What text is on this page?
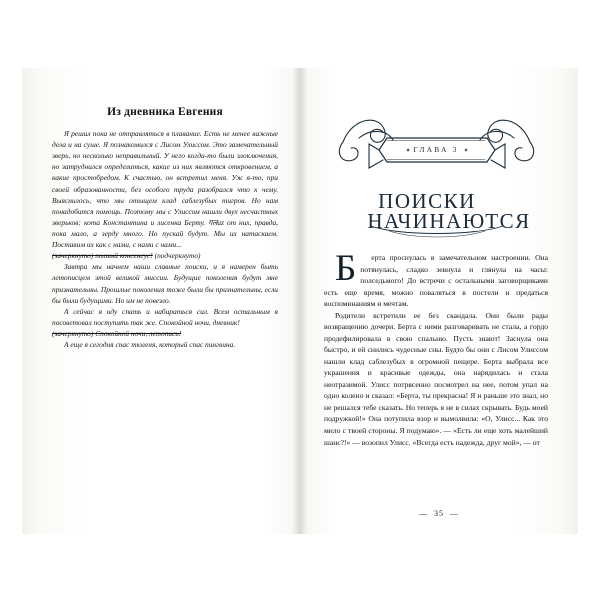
Из дневника Евгения

Я решил пока не отправляться в плавание. Есть не менее важные дела и на суше. Я познакомился с Лисом Улиссом. Это замечательный зверь, но несколько неправильный. У него когда-то были злоключения, но затруднился определиться, какие из них являются откровением, а какие простобредом. К счастью, он встретил меня. Уж я-то, при своей образованности, без особого труда разобрался что к чему. Выяснилось, что мы отыщем клад саблезубых тигров. Но нам понадобится помощь. Поэтому мы с Улиссом нашли двух несчастных зверьков: кота Константина и лисенка Берту. गलаz от них, правда, пока мало, а зерду много. Но пускай будут. Мы их натаскаем. Поставим их как с нами, с нами с нами...

(зачеркнуто) полный консенсус! (подчеркнуто)

Завтра мы начнем наши славные поиски, и я намерен быть летописцем этой великой миссии. Будущие поколения будут мне признательны. Прошлые поколения тоже были бы признательны, если бы были будущими. Но им не повезло.

А сейчас я иду спать и набираться сил. Всем остальным я посоветовал поступить так же. Спокойной ночи, дневник!

(зачеркнуто) Спокойной ночи, летопись!

А еще я сегодня спас тюленя, который спас пингвина.

ГЛАВА 3
ПОИСКИ
НАЧИНАЮТСЯ

Б	ерта проснулась в замечательном настроении. Она потянулась, сладко зевнула и глянула на часы: полседьмого! До встречи с остальными заговорщиками есть еще время, можно поваляться в постели и предаться воспоминаниям и мечтам.

Родители встретили ее без скандала. Они были рады возвращению дочери. Берта с ними разговаривать не стала, а гордо продефилировала в свою спальню. Пусть знают! Заснула она быстро, и ей снились чудесные сны. Будто бы они с Лисом Улиссом нашли клад саблезубых в огромной пещере. Берта выбрала все украшения и красивые одежды, она нарядилась и стала неотразимой. Улисс потрясенно посмотрел на нее, потом упал на одно колено и сказал: «Берта, ты прекрасна! Я и раньше это знал, но не решался тебе сказать. Но теперь я не в силах скрывать. Будь моей подружкой!» Она потупила взор и вымолвила: «О, Улисс... Как это мило с твоей стороны. Я подумаю». — «Есть ли еще хоть малейший шанс?!» — возопил Улисс. «Всегда есть надежда, друг мой», — от

— 35 —
